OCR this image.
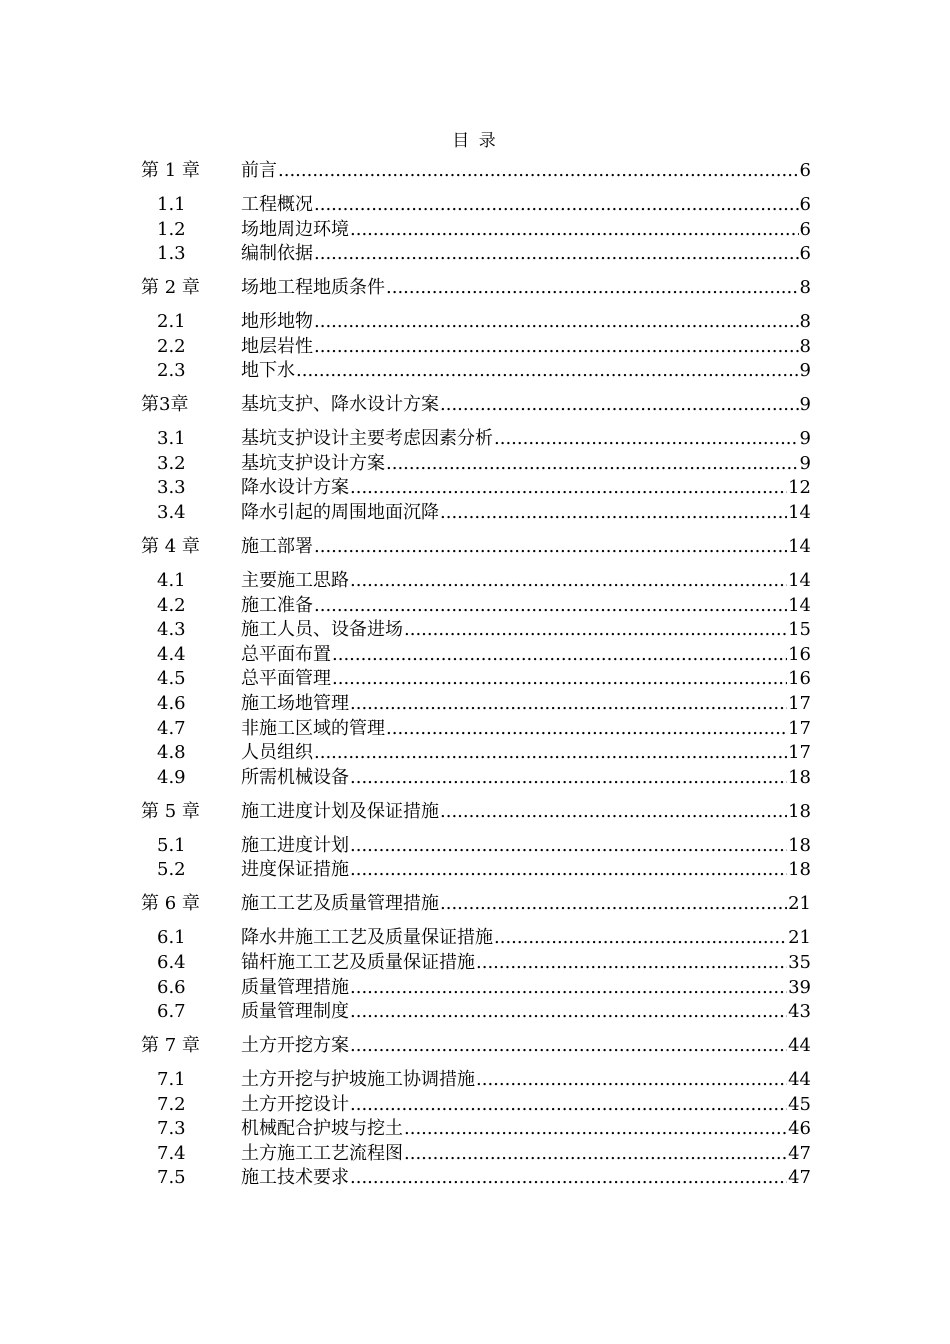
目 录
第 1 章	前言 .....	6
1.1	工程概况 .....	6
1.2	场地周边环境 .....	6
1.3	编制依据 .....	6
第 2 章	场地工程地质条件 .....	8
2.1	地形地物 .....	8
2.2	地层岩性 .....	8
2.3	地下水 .....	9
第3章	基坑支护、降水设计方案 .....	9
3.1	基坑支护设计主要考虑因素分析 .....	9
3.2	基坑支护设计方案 .....	9
3.3	降水设计方案 .....	12
3.4	降水引起的周围地面沉降 .....	14
第 4 章	施工部署 .....	14
4.1	主要施工思路 .....	14
4.2	施工准备 .....	14
4.3	施工人员、设备进场 .....	15
4.4	总平面布置 .....	16
4.5	总平面管理 .....	16
4.6	施工场地管理 .....	17
4.7	非施工区域的管理 .....	17
4.8	人员组织 .....	17
4.9	所需机械设备 .....	18
第 5 章	施工进度计划及保证措施 .....	18
5.1	施工进度计划 .....	18
5.2	进度保证措施 .....	18
第 6 章	施工工艺及质量管理措施 .....	21
6.1	降水井施工工艺及质量保证措施 .....	21
6.4	锚杆施工工艺及质量保证措施 .....	35
6.6	质量管理措施 .....	39
6.7	质量管理制度 .....	43
第 7 章	土方开挖方案 .....	44
7.1	土方开挖与护坡施工协调措施 .....	44
7.2	土方开挖设计 .....	45
7.3	机械配合护坡与挖土 .....	46
7.4	土方施工工艺流程图 .....	47
7.5	施工技术要求 .....	47
